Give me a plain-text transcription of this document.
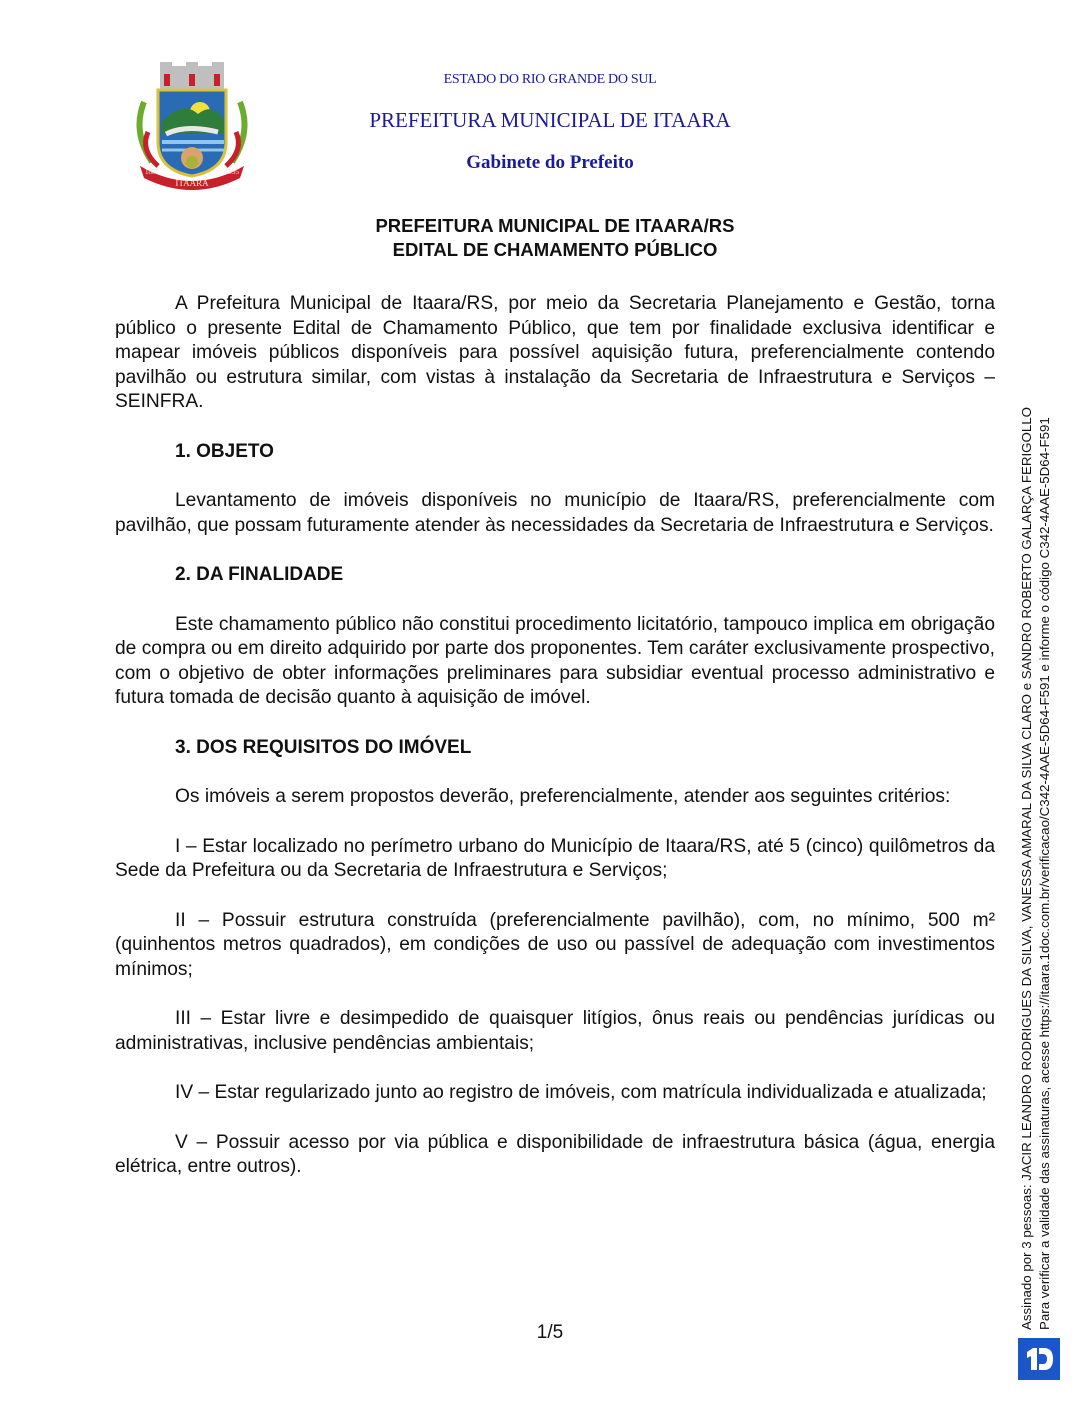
ITAARA
1887	1995
ESTADO DO RIO GRANDE DO SUL
PREFEITURA MUNICIPAL DE ITAARA
Gabinete do Prefeito
PREFEITURA MUNICIPAL DE ITAARA/RS
EDITAL DE CHAMAMENTO PÚBLICO

A Prefeitura Municipal de Itaara/RS, por meio da Secretaria Planejamento e Gestão, torna público o presente Edital de Chamamento Público, que tem por finalidade exclusiva identificar e mapear imóveis públicos disponíveis para possível aquisição futura, preferencialmente contendo pavilhão ou estrutura similar, com vistas à instalação da Secretaria de Infraestrutura e Serviços – SEINFRA.

1. OBJETO

Levantamento de imóveis disponíveis no município de Itaara/RS, preferencialmente com pavilhão, que possam futuramente atender às necessidades da Secretaria de Infraestrutura e Serviços.

2. DA FINALIDADE

Este chamamento público não constitui procedimento licitatório, tampouco implica em obrigação de compra ou em direito adquirido por parte dos proponentes. Tem caráter exclusivamente prospectivo, com o objetivo de obter informações preliminares para subsidiar eventual processo administrativo e futura tomada de decisão quanto à aquisição de imóvel.

3. DOS REQUISITOS DO IMÓVEL

Os imóveis a serem propostos deverão, preferencialmente, atender aos seguintes critérios:

I – Estar localizado no perímetro urbano do Município de Itaara/RS, até 5 (cinco) quilômetros da Sede da Prefeitura ou da Secretaria de Infraestrutura e Serviços;

II – Possuir estrutura construída (preferencialmente pavilhão), com, no mínimo, 500 m² (quinhentos metros quadrados), em condições de uso ou passível de adequação com investimentos mínimos;

III – Estar livre e desimpedido de quaisquer litígios, ônus reais ou pendências jurídicas ou administrativas, inclusive pendências ambientais;

IV – Estar regularizado junto ao registro de imóveis, com matrícula individualizada e atualizada;

V – Possuir acesso por via pública e disponibilidade de infraestrutura básica (água, energia elétrica, entre outros).

1/5
Assinado por 3 pessoas: JACIR LEANDRO RODRIGUES DA SILVA, VANESSA AMARAL DA SILVA CLARO e SANDRO ROBERTO GALARÇA FERIGOLLO Para verificar a validade das assinaturas, acesse https://itaara.1doc.com.br/verificacao/C342-4AAE-5D64-F591 e informe o código C342-4AAE-5D64-F591
